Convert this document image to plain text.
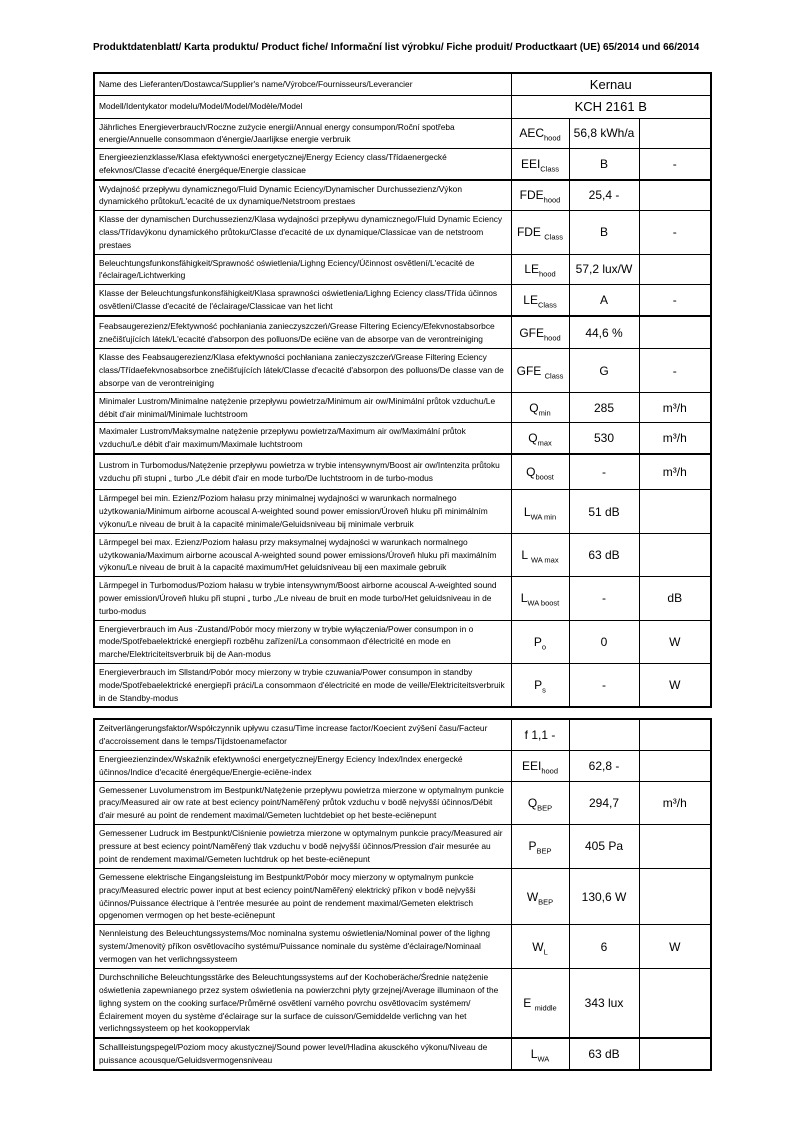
Produktdatenblatt/ Karta produktu/ Product fiche/ Informační list výrobku/ Fiche produit/ Productkaart (UE) 65/2014 und 66/2014
Name des Lieferanten/Dostawca/Supplier's name/Výrobce/Fournisseurs/Leverancier	Kernau		
Modell/Identykator modelu/Model/Model/Modèle/Model	KCH 2161 B		
Jährliches Energieverbrauch/Roczne zużycie energii/Annual energy consumpon/Roční spotřeba energie/Annuelle consommaon d'énergie/Jaarlijkse energie verbruik	$AEC_{hood}$	56,8 kWh/a	
Energieezienzklasse/Klasa efektywności energetycznej/Energy Eciency class/Třídaenergecké efekvnos/Classe d'ecacité énergéque/Energie classicae	$EEI_{Class}$	B	-
Wydajność przepływu dynamicznego/Fluid Dynamic Eciency/Dynamischer Durchussezienz/Výkon dynamického průtoku/L'ecacité de ux dynamique/Netstroom prestaes	$FDE_{hood}$	25,4 -	
Klasse der dynamischen Durchussezienz/Klasa wydajności przepływu dynamicznego/Fluid Dynamic Eciency class/Třídavýkonu dynamického průtoku/Classe d'ecacité de ux dynamique/Classicae van de netstroom prestaes	FDE $_{Class}$	B	-
Beleuchtungsfunkonsfähigkeit/Sprawność oświetlenia/Lighng Eciency/Účinnost osvětlení/L'ecacité de l'éclairage/Lichtwerking	$LE_{hood}$	57,2 lux/W	
Klasse der Beleuchtungsfunkonsfähigkeit/Klasa sprawności oświetlenia/Lighng Eciency class/Třída účinnos osvětlení/Classe d'ecacité de l'éclairage/Classicae van het licht	$LE_{Class}$	A	-
Feabsaugerezienz/Efektywność pochłaniania zanieczyszczeń/Grease Filtering Eciency/Efekvnostabsorbce znečišťujících látek/L'ecacité d'absorpon des polluons/De eciëne van de absorpe van de verontreiniging	$GFE_{hood}$	44,6 %	
Klasse des Feabsaugerezienz/Klasa efektywności pochłaniana zanieczyszczeń/Grease Filtering Eciency class/Třídaefekvnosabsorbce znečišťujících látek/Classe d'ecacité d'absorpon des polluons/De classe van de absorpe van de verontreiniging	GFE $_{Class}$	G	-
Minimaler Lustrom/Minimalne natężenie przepływu powietrza/Minimum air ow/Minimální průtok vzduchu/Le débit d'air minimal/Minimale luchtstroom	$Q_{min}$	285	m³/h
Maximaler Lustrom/Maksymalne natężenie przepływu powietrza/Maximum air ow/Maximální průtok vzduchu/Le débit d'air maximum/Maximale luchtstroom	$Q_{max}$	530	m³/h
Lustrom in Turbomodus/Natężenie przepływu powietrza w trybie intensywnym/Boost air ow/Intenzita průtoku vzduchu při stupni „ turbo „/Le débit d'air en mode turbo/De luchtstroom in de turbo-modus	$Q_{boost}$	-	m³/h
Lärmpegel bei min. Ezienz/Poziom hałasu przy minimalnej wydajności w warunkach normalnego użytkowania/Minimum airborne acouscal A-weighted sound power emission/Úroveň hluku při minimálním výkonu/Le niveau de bruit à la capacité minimale/Geluidsniveau bij minimale verbruik	$L_{WA min}$	51 dB	
Lärmpegel bei max. Ezienz/Poziom hałasu przy maksymalnej wydajności w warunkach normalnego użytkowania/Maximum airborne acouscal A-weighted sound power emissions/Úroveň hluku při maximálním výkonu/Le niveau de bruit à la capacité maximum/Het geluidsniveau bij een maximale gebruik	L $_{WA max}$	63 dB	
Lärmpegel in Turbomodus/Poziom hałasu w trybie intensywnym/Boost airborne acouscal A-weighted sound power emission/Úroveň hluku při stupni „ turbo „/Le niveau de bruit en mode turbo/Het geluidsniveau in de turbo-modus	$L_{WA boost}$	-	dB
Energieverbrauch im Aus -Zustand/Pobór mocy mierzony w trybie wyłączenia/Power consumpon in o mode/Spotřebaelektrické energiepři rozběhu zařízení/La consommaon d'électricité en mode en marche/Elektriciteitsverbruik bij de Aan-modus	$P_o$	0	W
Energieverbrauch im Sllstand/Pobór mocy mierzony w trybie czuwania/Power consumpon in standby mode/Spotřebaelektrické energiepři práci/La consommaon d'électricité en mode de veille/Elektriciteitsverbruik in de Standby-modus	$P_s$	-	W
Zeitverlängerungsfaktor/Współczynnik upływu czasu/Time increase factor/Koecient zvýšení času/Facteur d'accroissement dans le temps/Tijdstoenamefactor	f 1,1 -		
Energieezienzindex/Wskaźnik efektywności energetycznej/Energy Eciency Index/Index energecké účinnos/Indice d'ecacité énergéque/Energie-eciëne-index	$EEI_{hood}$	62,8 -	
Gemessener Luvolumenstrom im Bestpunkt/Natężenie przepływu powietrza mierzone w optymalnym punkcie pracy/Measured air ow rate at best eciency point/Naměřený průtok vzduchu v bodě nejvyšší účinnos/Débit d'air mesuré au point de rendement maximal/Gemeten luchtdebiet op het beste-eciënepunt	$Q_{BEP}$	294,7	m³/h
Gemessener Ludruck im Bestpunkt/Ciśnienie powietrza mierzone w optymalnym punkcie pracy/Measured air pressure at best eciency point/Naměřený tlak vzduchu v bodě nejvyšší účinnos/Pression d'air mesurée au point de rendement maximal/Gemeten luchtdruk op het beste-eciënepunt	$P_{BEP}$	405 Pa	
Gemessene elektrische Eingangsleistung im Bestpunkt/Pobór mocy mierzony w optymalnym punkcie pracy/Measured electric power input at best eciency point/Naměřený elektrický příkon v bodě nejvyšši účinnos/Puissance électrique à l'entrée mesurée au point de rendement maximal/Gemeten elektrisch opgenomen vermogen op het beste-eciënepunt	$W_{BEP}$	130,6 W	
Nennleistung des Beleuchtungssystems/Moc nominalna systemu oświetlenia/Nominal power of the lighng system/Jmenovitý příkon osvětlovacího systému/Puissance nominale du système d'éclairage/Nominaal vermogen van het verlichngssysteem	$W_L$	6	W
Durchschniliche Beleuchtungsstärke des Beleuchtungssystems auf der Kochoberäche/Średnie natężenie oświetlenia zapewnianego przez system oświetlenia na powierzchni płyty grzejnej/Average illuminaon of the lighng system on the cooking surface/Průměrné osvětlení varného povrchu osvětlovacím systémem/Éclairement moyen du système d'éclairage sur la surface de cuisson/Gemiddelde verlichng van het verlichngssysteem op het kookoppervlak	E $_{middle}$	343 lux	
Schallleistungspegel/Poziom mocy akustycznej/Sound power level/Hladina akusckého výkonu/Niveau de puissance acousque/Geluidsvermogensniveau	$L_{WA}$	63 dB	
